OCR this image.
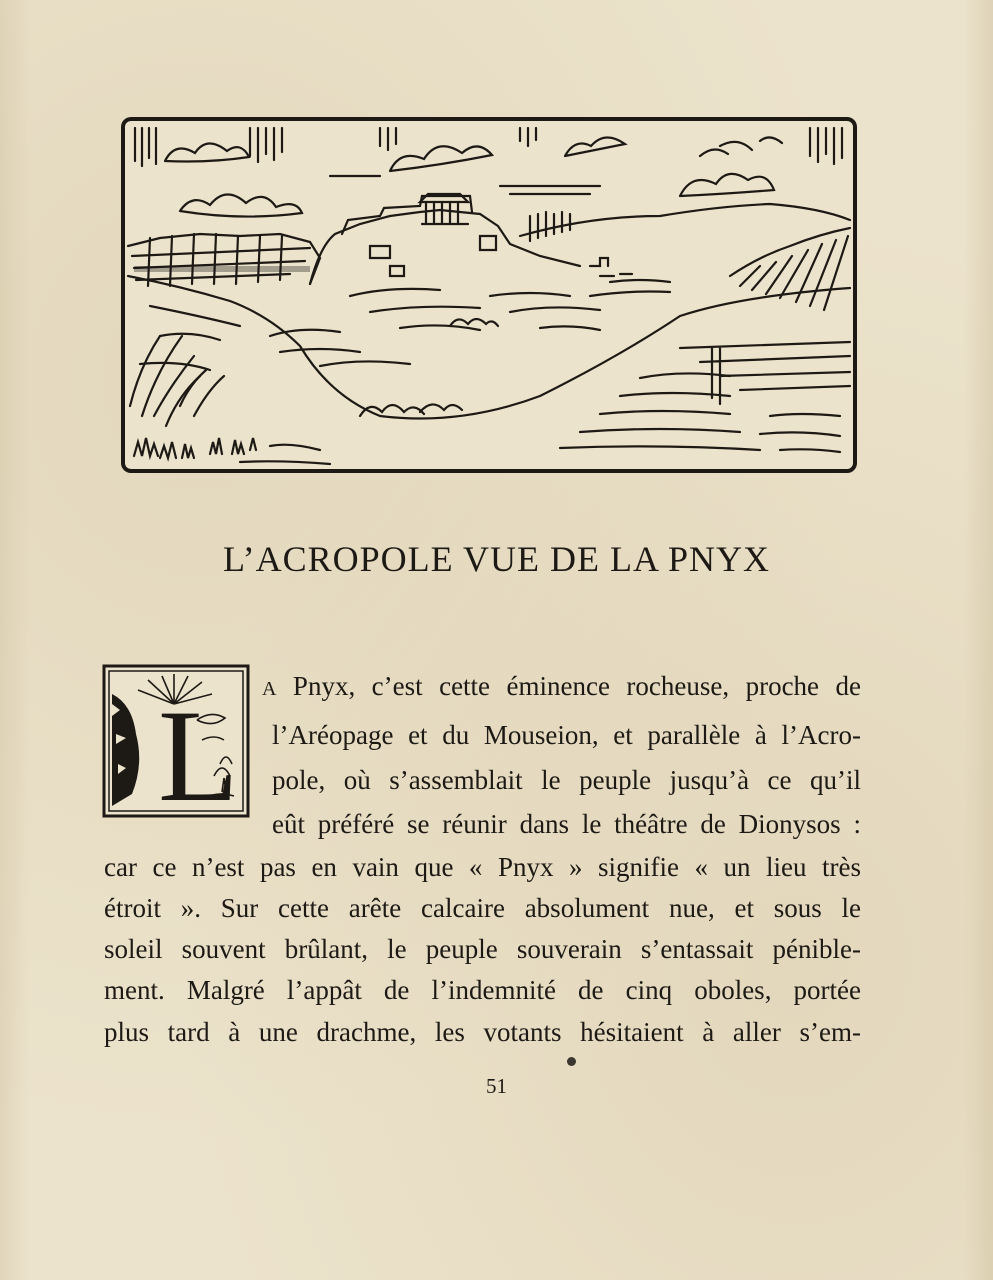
L’ACROPOLE VUE DE LA PNYX
L A Pnyx, c’est cette éminence rocheuse, proche de

l’Aréopage et du Mouseion, et parallèle à l’Acro-

pole, où s’assemblait le peuple jusqu’à ce qu’il

eût préféré se réunir dans le théâtre de Dionysos :

car ce n’est pas en vain que « Pnyx » signifie « un lieu très

étroit ». Sur cette arête calcaire absolument nue, et sous le

soleil souvent brûlant, le peuple souverain s’entassait pénible-

ment. Malgré l’appât de l’indemnité de cinq oboles, portée

plus tard à une drachme, les votants hésitaient à aller s’em-

51
